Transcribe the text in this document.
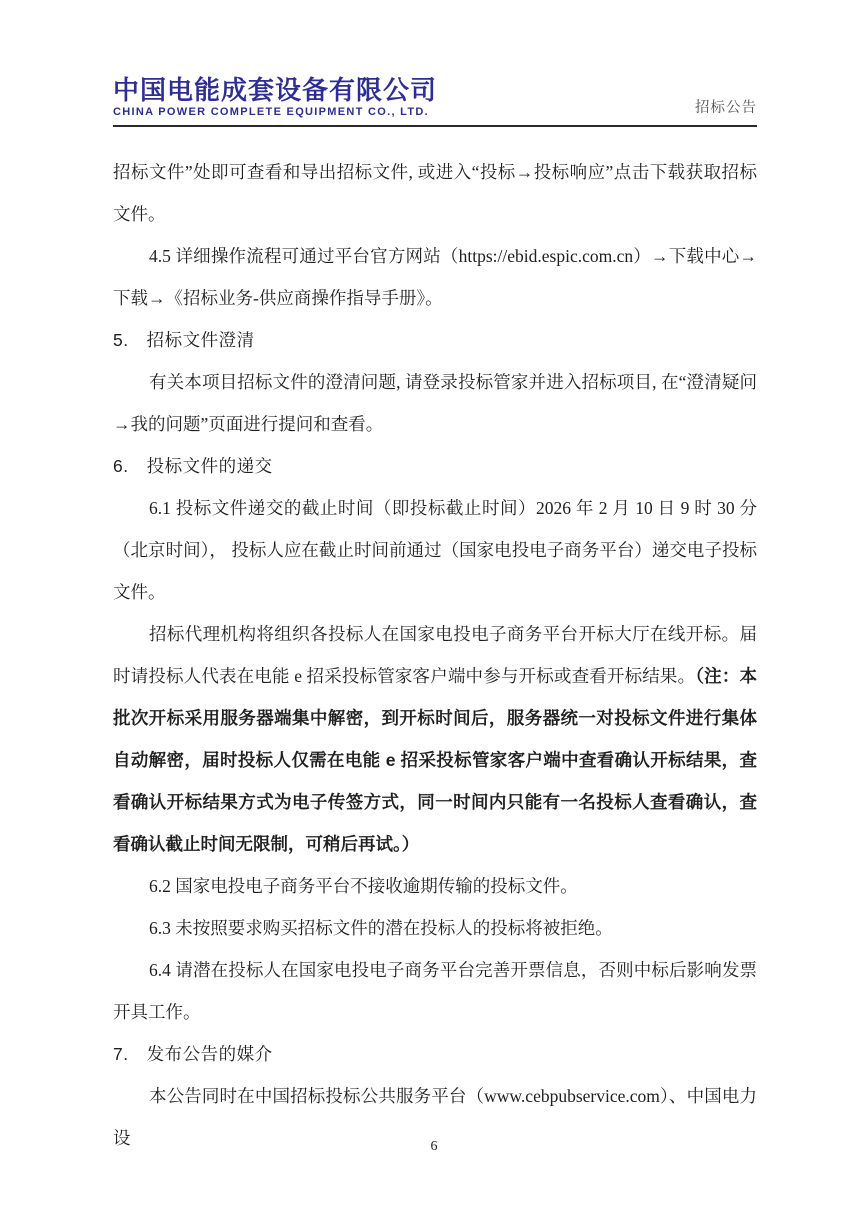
中国电能成套设备有限公司
CHINA POWER COMPLETE EQUIPMENT CO., LTD.	招标公告

招标文件”处即可查看和导出招标文件, 或进入“投标→投标响应”点击下载获取招标文件。

4.5 详细操作流程可通过平台官方网站（https://ebid.espic.com.cn）→下载中心→下载→《招标业务-供应商操作指导手册》。

5.　招标文件澄清

有关本项目招标文件的澄清问题, 请登录投标管家并进入招标项目, 在“澄清疑问→我的问题”页面进行提问和查看。

6.　投标文件的递交

6.1 投标文件递交的截止时间（即投标截止时间）2026 年 2 月 10 日 9 时 30 分（北京时间）， 投标人应在截止时间前通过（国家电投电子商务平台）递交电子投标文件。

招标代理机构将组织各投标人在国家电投电子商务平台开标大厅在线开标。届时请投标人代表在电能 e 招采投标管家客户端中参与开标或查看开标结果。（注：本批次开标采用服务器端集中解密，到开标时间后，服务器统一对投标文件进行集体自动解密，届时投标人仅需在电能 e 招采投标管家客户端中查看确认开标结果，查看确认开标结果方式为电子传签方式，同一时间内只能有一名投标人查看确认，查看确认截止时间无限制，可稍后再试。）

6.2 国家电投电子商务平台不接收逾期传输的投标文件。

6.3 未按照要求购买招标文件的潜在投标人的投标将被拒绝。

6.4 请潜在投标人在国家电投电子商务平台完善开票信息，否则中标后影响发票开具工作。

7.　发布公告的媒介

本公告同时在中国招标投标公共服务平台（www.cebpubservice.com）、中国电力设	6
